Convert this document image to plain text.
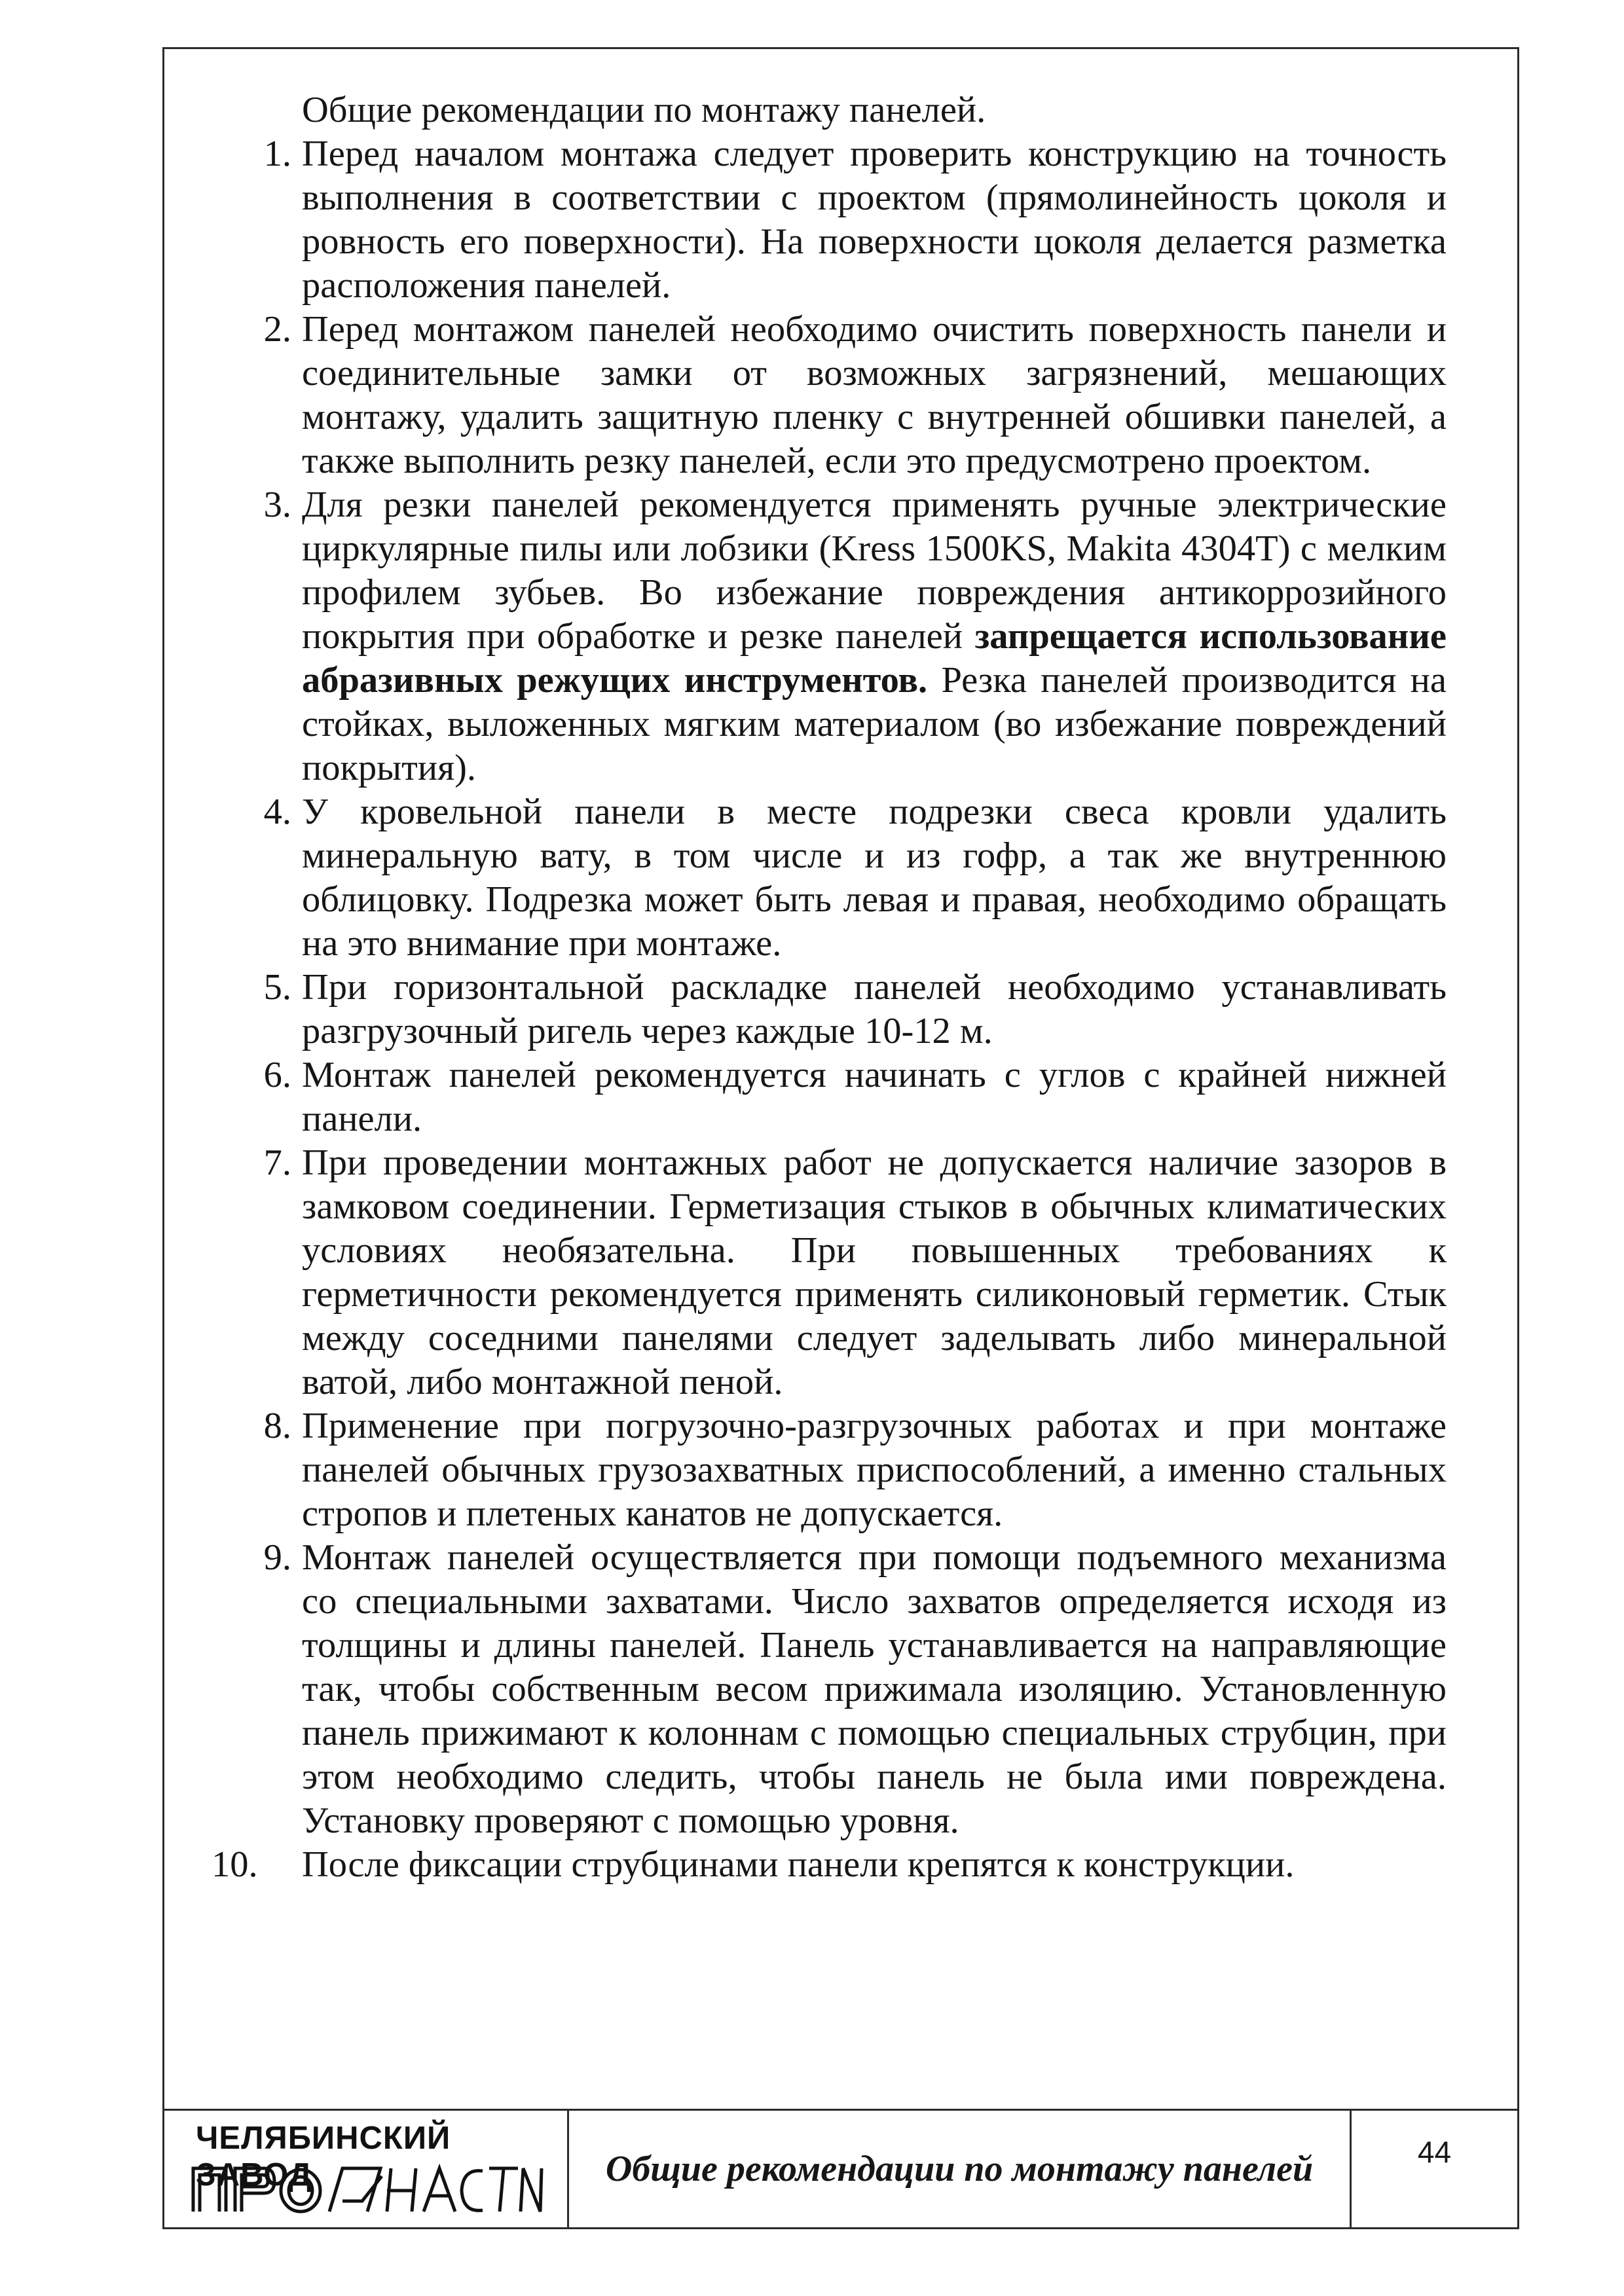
Общие рекомендации по монтажу панелей.
1. Перед началом монтажа следует проверить конструкцию на точность выполнения в соответствии с проектом (прямолинейность цоколя и ровность его поверхности). На поверхности цоколя делается разметка расположения панелей.
2. Перед монтажом панелей необходимо очистить поверхность панели и соединительные замки от возможных загрязнений, мешающих монтажу, удалить защитную пленку с внутренней обшивки панелей, а также выполнить резку панелей, если это предусмотрено проектом.
3. Для резки панелей рекомендуется применять ручные электрические циркулярные пилы или лобзики (Kress 1500KS, Makita 4304T) с мелким профилем зубьев. Во избежание повреждения антикоррозийного покрытия при обработке и резке панелей запрещается использование абразивных режущих инструментов. Резка панелей производится на стойках, выложенных мягким материалом (во избежание повреждений покрытия).
4. У кровельной панели в месте подрезки свеса кровли удалить минеральную вату, в том числе и из гофр, а так же внутреннюю облицовку. Подрезка может быть левая и правая, необходимо обращать на это внимание при монтаже.
5. При горизонтальной раскладке панелей необходимо устанавливать разгрузочный ригель через каждые 10-12 м.
6. Монтаж панелей рекомендуется начинать с углов с крайней нижней панели.
7. При проведении монтажных работ не допускается наличие зазоров в замковом соединении. Герметизация стыков в обычных климатических условиях необязательна. При повышенных требованиях к герметичности рекомендуется применять силиконовый герметик. Стык между соседними панелями следует заделывать либо минеральной ватой, либо монтажной пеной.
8. Применение при погрузочно-разгрузочных работах и при монтаже панелей обычных грузозахватных приспособлений, а именно стальных стропов и плетеных канатов не допускается.
9. Монтаж панелей осуществляется при помощи подъемного механизма со специальными захватами. Число захватов определяется исходя из толщины и длины панелей. Панель устанавливается на направляющие так, чтобы собственным весом прижимала изоляцию. Установленную панель прижимают к колоннам с помощью специальных струбцин, при этом необходимо следить, чтобы панель не была ими повреждена. Установку проверяют с помощью уровня.
10.	После фиксации струбцинами панели крепятся к конструкции.
ЧЕЛЯБИНСКИЙ ЗАВОД	Общие рекомендации по монтажу панелей	44
